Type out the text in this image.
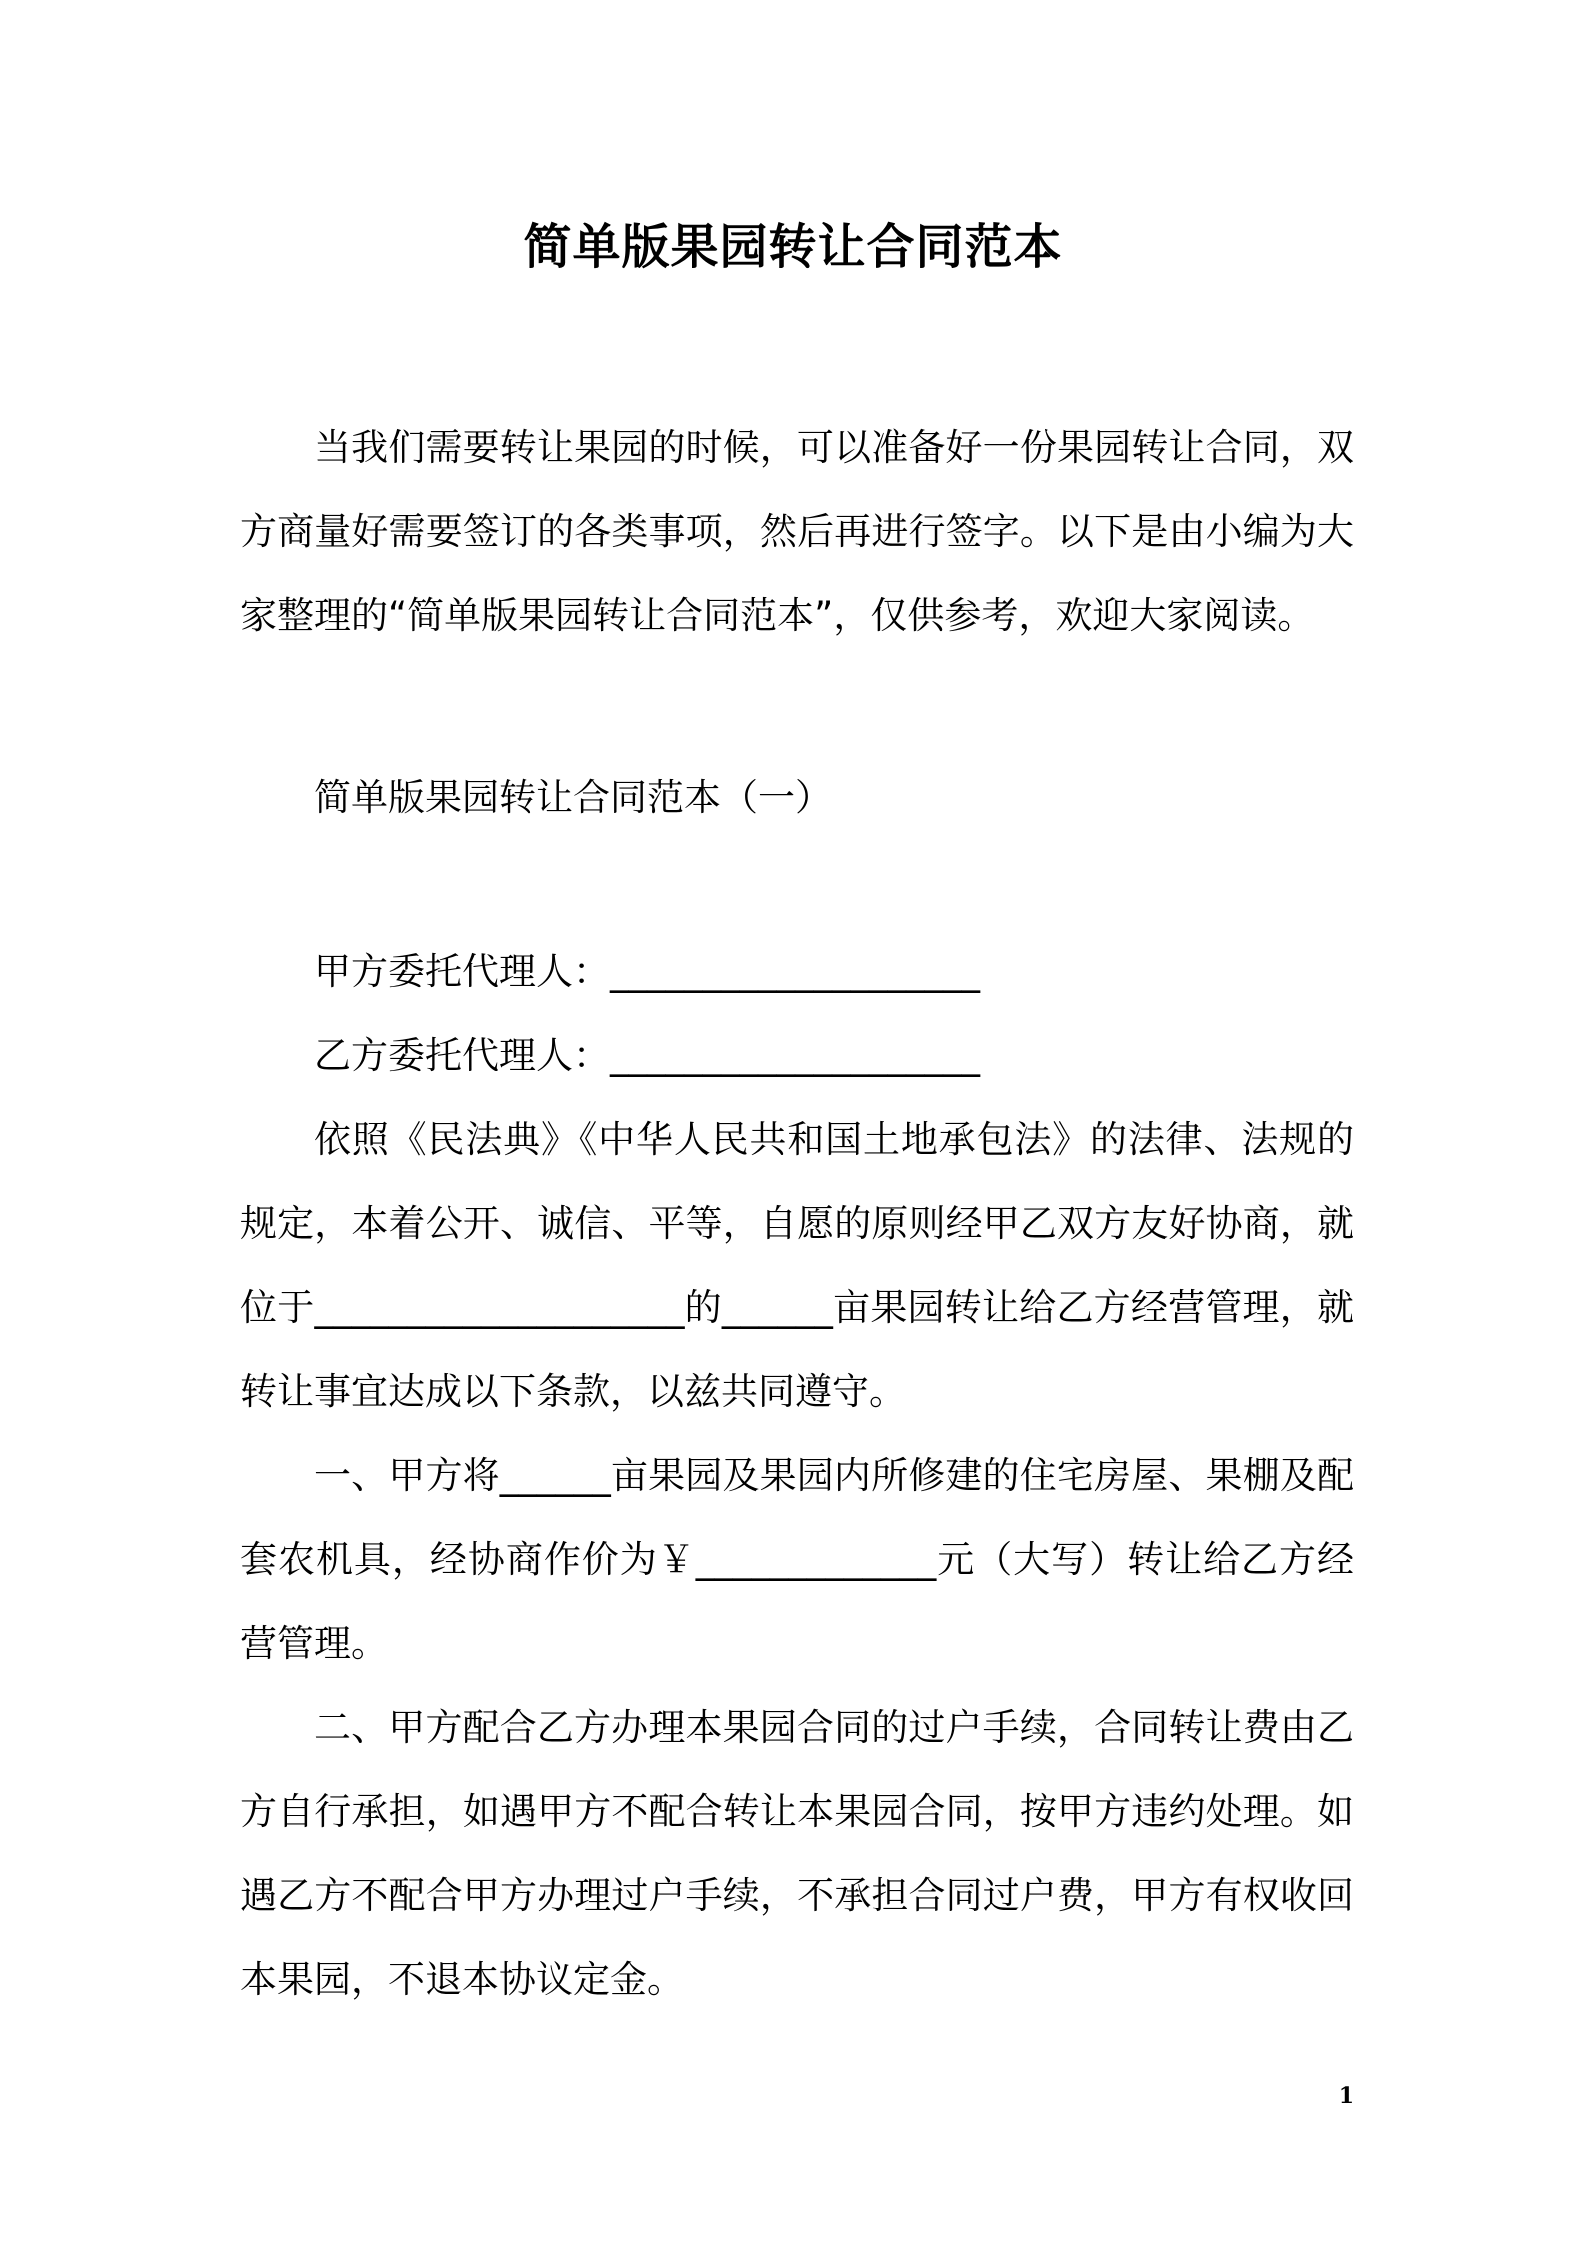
简单版果园转让合同范本

当我们需要转让果园的时候，可以准备好一份果园转让合同，双方商量好需要签订的各类事项，然后再进行签字。以下是由小编为大家整理的“简单版果园转让合同范本”，仅供参考，欢迎大家阅读。

简单版果园转让合同范本（一）

甲方委托代理人：____________________

乙方委托代理人：____________________

依照《民法典》《中华人民共和国土地承包法》的法律、法规的规定，本着公开、诚信、平等，自愿的原则经甲乙双方友好协商，就位于____________________的______亩果园转让给乙方经营管理，就转让事宜达成以下条款，以兹共同遵守。

一、甲方将______亩果园及果园内所修建的住宅房屋、果棚及配套农机具，经协商作价为￥_____________元（大写）转让给乙方经营管理。

二、甲方配合乙方办理本果园合同的过户手续，合同转让费由乙方自行承担，如遇甲方不配合转让本果园合同，按甲方违约处理。如遇乙方不配合甲方办理过户手续，不承担合同过户费，甲方有权收回本果园，不退本协议定金。

1
